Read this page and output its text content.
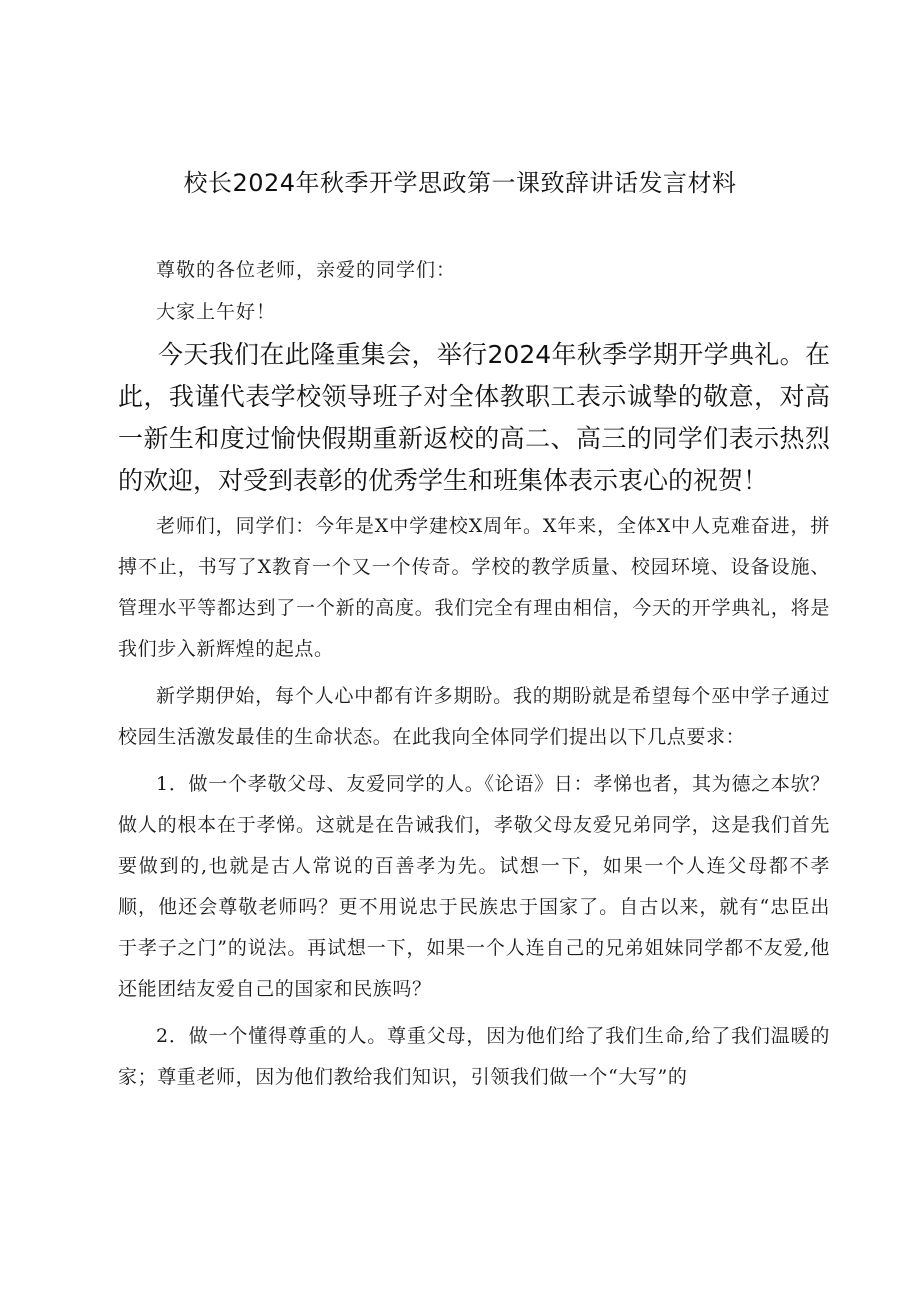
校长2024年秋季开学思政第一课致辞讲话发言材料

尊敬的各位老师，亲爱的同学们：

大家上午好！

今天我们在此隆重集会，举行2024年秋季学期开学典礼。在此，我谨代表学校领导班子对全体教职工表示诚挚的敬意，对高一新生和度过愉快假期重新返校的高二、高三的同学们表示热烈的欢迎，对受到表彰的优秀学生和班集体表示衷心的祝贺！

老师们，同学们：今年是X中学建校X周年。X年来，全体X中人克难奋进，拼搏不止，书写了X教育一个又一个传奇。学校的教学质量、校园环境、设备设施、管理水平等都达到了一个新的高度。我们完全有理由相信，今天的开学典礼，将是我们步入新辉煌的起点。

新学期伊始，每个人心中都有许多期盼。我的期盼就是希望每个巫中学子通过校园生活激发最佳的生命状态。在此我向全体同学们提出以下几点要求：

1．做一个孝敬父母、友爱同学的人。《论语》日：孝悌也者，其为德之本欤？做人的根本在于孝悌。这就是在告诫我们，孝敬父母友爱兄弟同学，这是我们首先要做到的,也就是古人常说的百善孝为先。试想一下，如果一个人连父母都不孝顺，他还会尊敬老师吗？更不用说忠于民族忠于国家了。自古以来，就有“忠臣出于孝子之门”的说法。再试想一下，如果一个人连自己的兄弟姐妹同学都不友爱,他还能团结友爱自己的国家和民族吗？

2．做一个懂得尊重的人。尊重父母，因为他们给了我们生命,给了我们温暖的家；尊重老师，因为他们教给我们知识，引领我们做一个“大写”的
